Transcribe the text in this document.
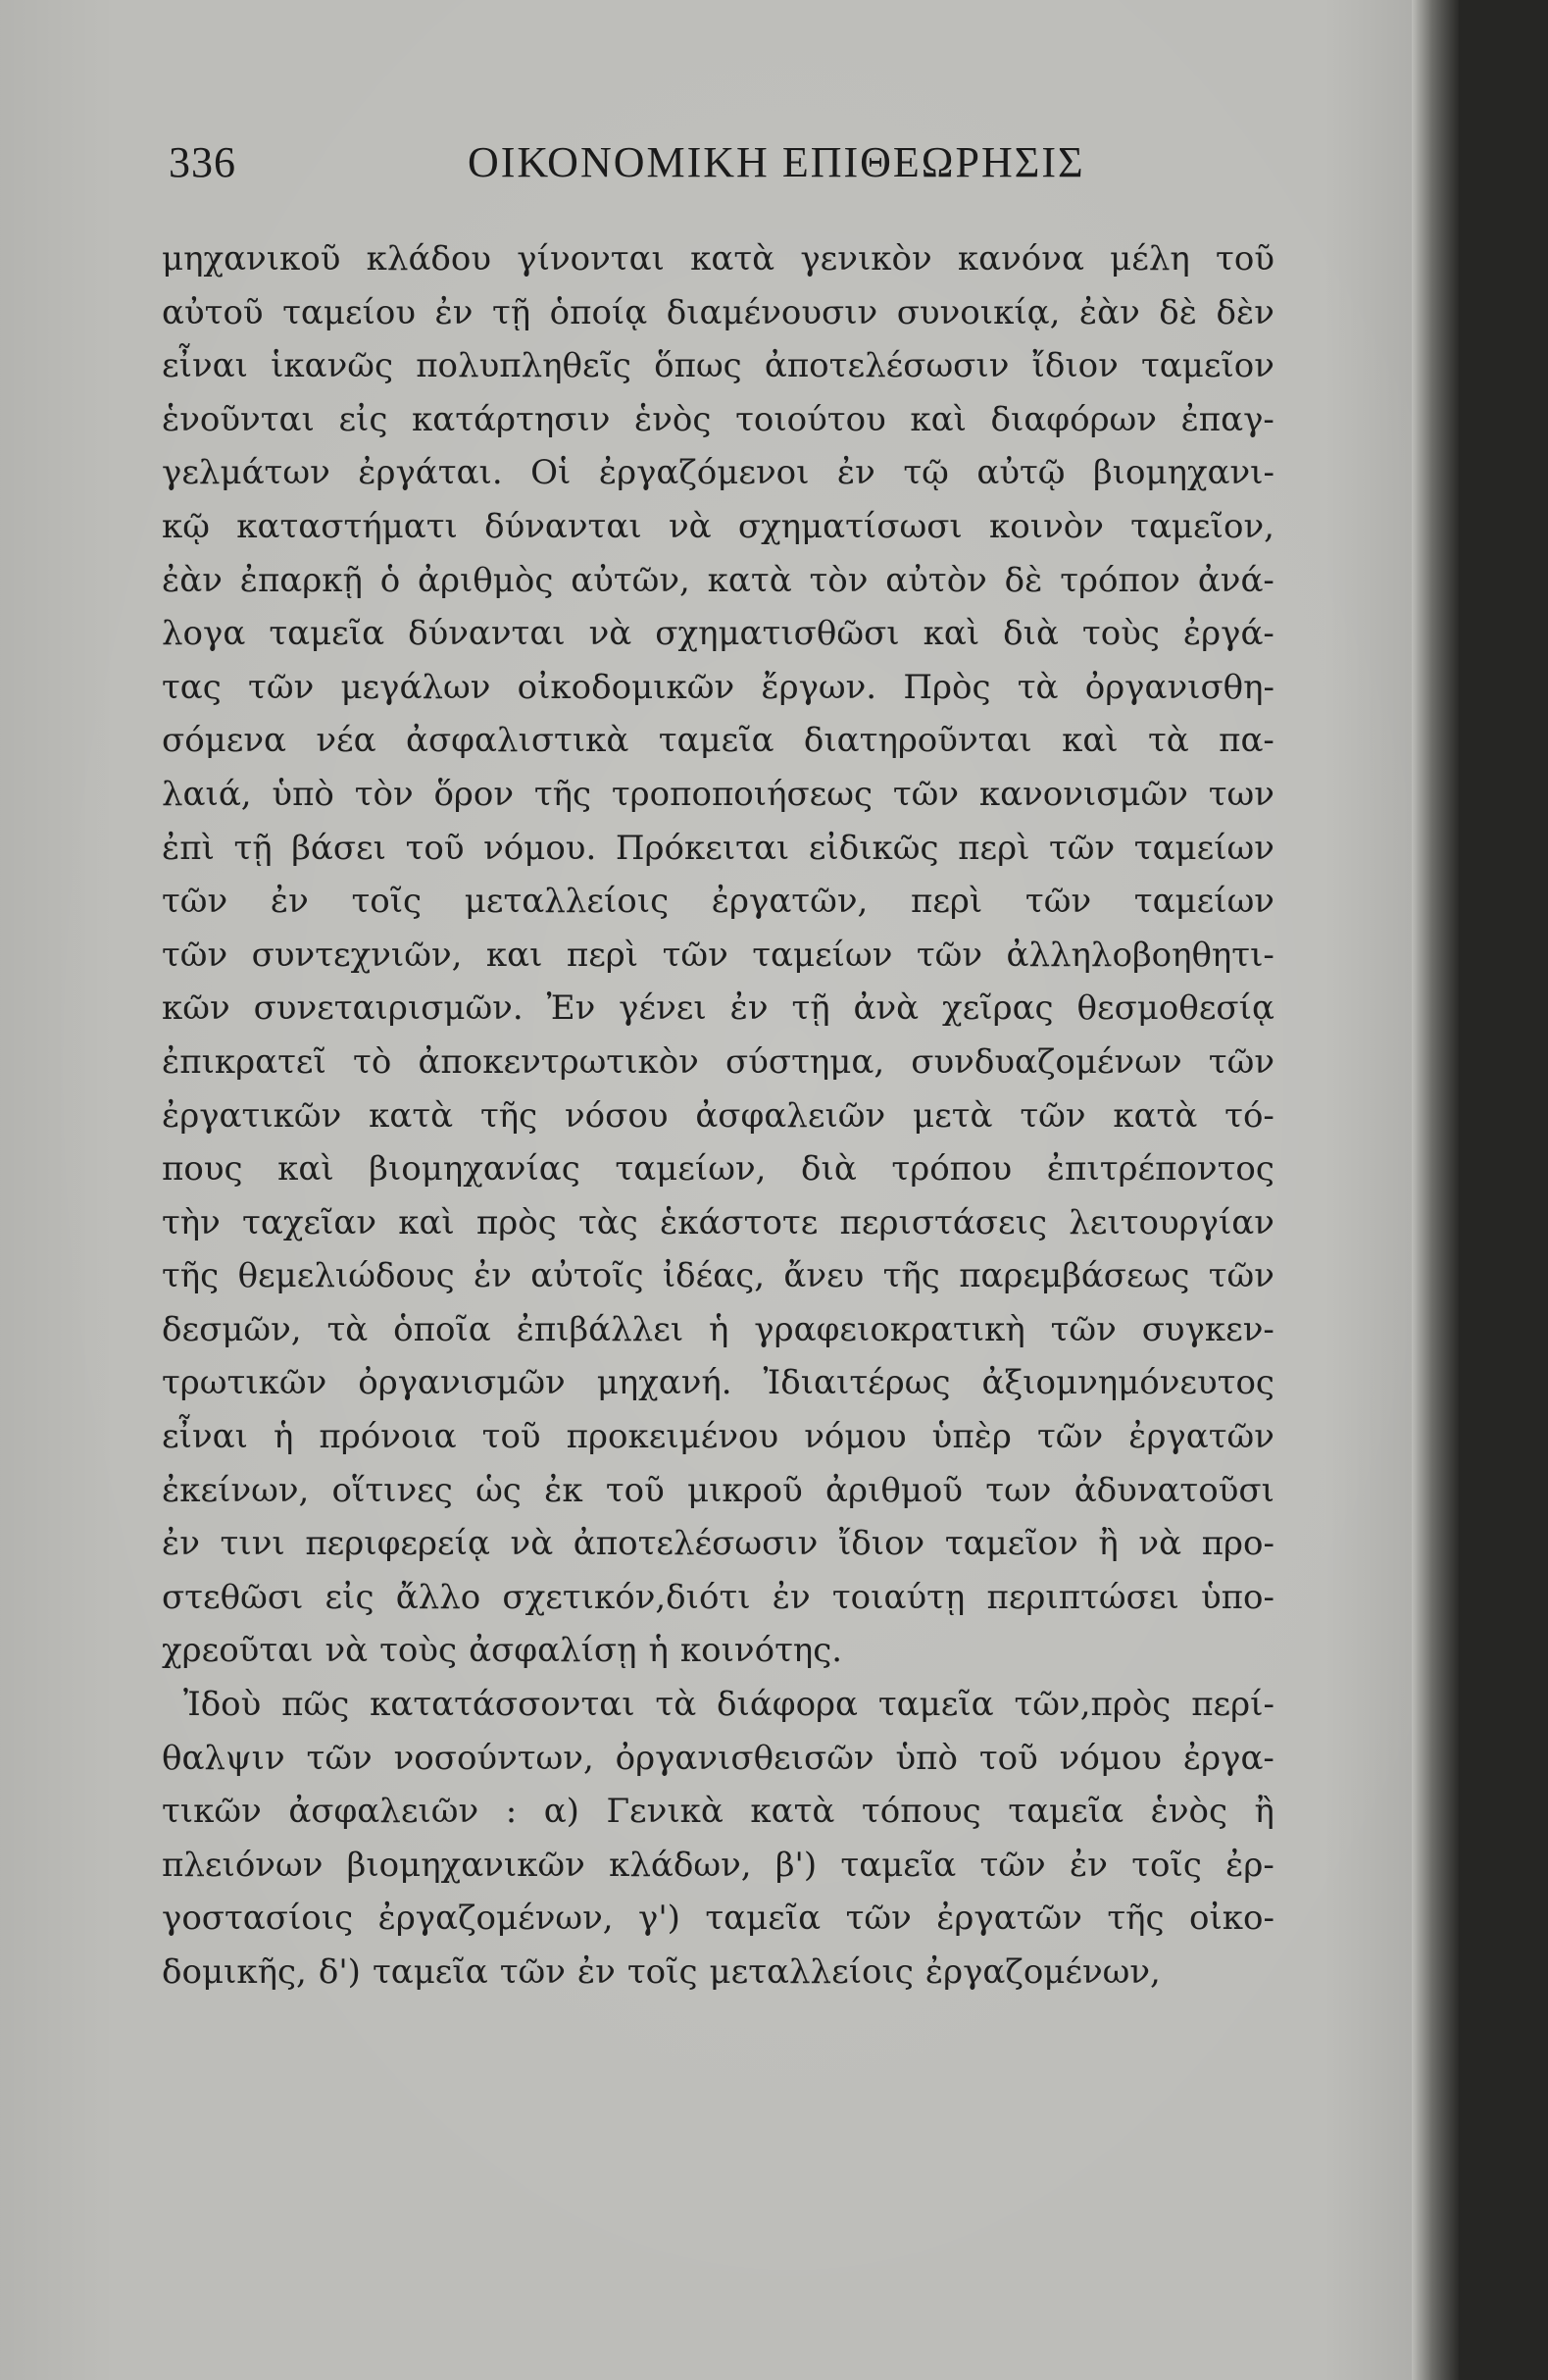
336	ΟΙΚΟΝΟΜΙΚΗ ΕΠΙΘΕΩΡΗΣΙΣ
μηχανικοῦ κλάδου γίνονται κατὰ γενικὸν κανόνα μέλη τοῦ
αὐτοῦ ταμείου ἐν τῇ ὁποίᾳ διαμένουσιν συνοικίᾳ, ἐὰν δὲ δὲν
εἶναι ἱκανῶς πολυπληθεῖς ὅπως ἀποτελέσωσιν ἴδιον ταμεῖον
ἑνοῦνται εἰς κατάρτησιν ἑνὸς τοιούτου καὶ διαφόρων ἐπαγ-
γελμάτων ἐργάται. Οἱ ἐργαζόμενοι ἐν τῷ αὐτῷ βιομηχανι-
κῷ καταστήματι δύνανται νὰ σχηματίσωσι κοινὸν ταμεῖον,
ἐὰν ἐπαρκῇ ὁ ἀριθμὸς αὐτῶν, κατὰ τὸν αὐτὸν δὲ τρόπον ἀνά-
λογα ταμεῖα δύνανται νὰ σχηματισθῶσι καὶ διὰ τοὺς ἐργά-
τας τῶν μεγάλων οἰκοδομικῶν ἔργων. Πρὸς τὰ ὀργανισθη-
σόμενα νέα ἀσφαλιστικὰ ταμεῖα διατηροῦνται καὶ τὰ πα-
λαιά, ὑπὸ τὸν ὅρον τῆς τροποποιήσεως τῶν κανονισμῶν των
ἐπὶ τῇ βάσει τοῦ νόμου. Πρόκειται εἰδικῶς περὶ τῶν ταμείων
τῶν ἐν τοῖς μεταλλείοις ἐργατῶν, περὶ τῶν ταμείων
τῶν συντεχνιῶν, και περὶ τῶν ταμείων τῶν ἀλληλοβοηθητι-
κῶν συνεταιρισμῶν. Ἐν γένει ἐν τῇ ἀνὰ χεῖρας θεσμοθεσίᾳ
ἐπικρατεῖ τὸ ἀποκεντρωτικὸν σύστημα, συνδυαζομένων τῶν
ἐργατικῶν κατὰ τῆς νόσου ἀσφαλειῶν μετὰ τῶν κατὰ τό-
πους καὶ βιομηχανίας ταμείων, διὰ τρόπου ἐπιτρέποντος
τὴν ταχεῖαν καὶ πρὸς τὰς ἑκάστοτε περιστάσεις λειτουργίαν
τῆς θεμελιώδους ἐν αὐτοῖς ἰδέας, ἄνευ τῆς παρεμβάσεως τῶν
δεσμῶν, τὰ ὁποῖα ἐπιβάλλει ἡ γραφειοκρατικὴ τῶν συγκεν-
τρωτικῶν ὀργανισμῶν μηχανή. Ἰδιαιτέρως ἀξιομνημόνευτος
εἶναι ἡ πρόνοια τοῦ προκειμένου νόμου ὑπὲρ τῶν ἐργατῶν
ἐκείνων, οἵτινες ὡς ἐκ τοῦ μικροῦ ἀριθμοῦ των ἀδυνατοῦσι
ἐν τινι περιφερείᾳ νὰ ἀποτελέσωσιν ἴδιον ταμεῖον ἢ νὰ προ-
στεθῶσι εἰς ἄλλο σχετικόν,διότι ἐν τοιαύτῃ περιπτώσει ὑπο-
χρεοῦται νὰ τοὺς ἀσφαλίσῃ ἡ κοινότης.
Ἰδοὺ πῶς κατατάσσονται τὰ διάφορα ταμεῖα τῶν,πρὸς περί-
θαλψιν τῶν νοσούντων, ὀργανισθεισῶν ὑπὸ τοῦ νόμου ἐργα-
τικῶν ἀσφαλειῶν : α) Γενικὰ κατὰ τόπους ταμεῖα ἑνὸς ἢ
πλειόνων βιομηχανικῶν κλάδων, β') ταμεῖα τῶν ἐν τοῖς ἐρ-
γοστασίοις ἐργαζομένων, γ') ταμεῖα τῶν ἐργατῶν τῆς οἰκο-
δομικῆς, δ') ταμεῖα τῶν ἐν τοῖς μεταλλείοις ἐργαζομένων,
